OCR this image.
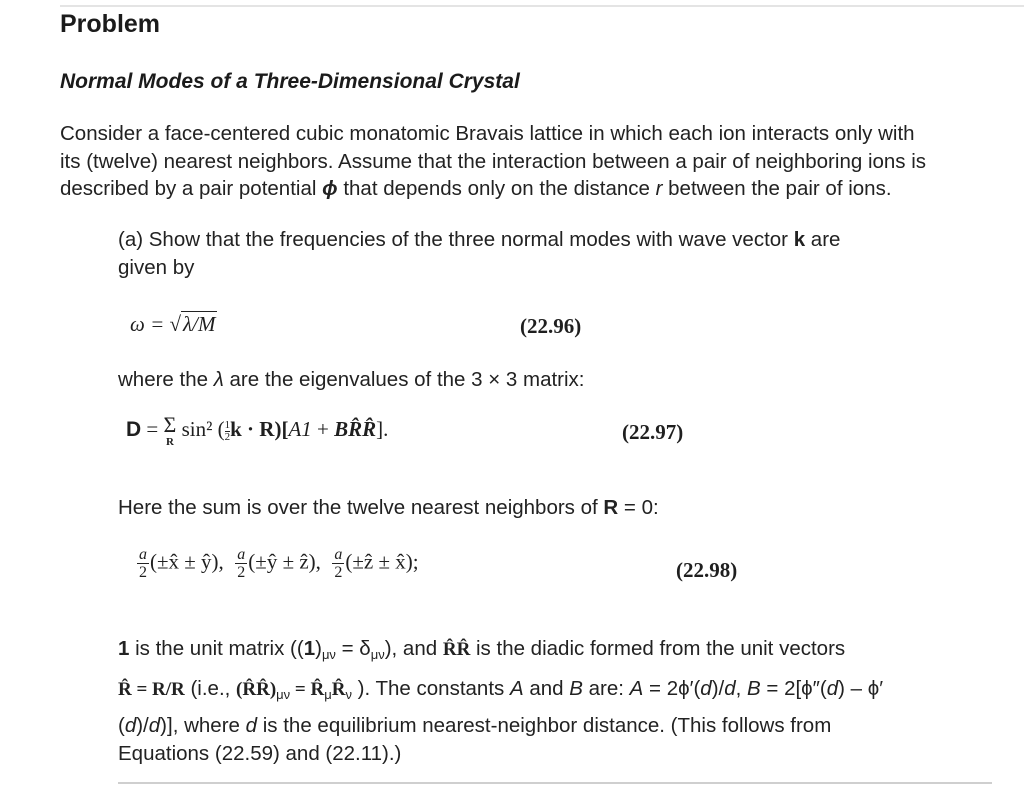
Problem
Normal Modes of a Three-Dimensional Crystal
Consider a face-centered cubic monatomic Bravais lattice in which each ion interacts only with
its (twelve) nearest neighbors. Assume that the interaction between a pair of neighboring ions is
described by a pair potential ϕ that depends only on the distance r between the pair of ions.
(a) Show that the frequencies of the three normal modes with wave vector k are
given by
ω = √λ/M	(22.96)
where the λ are the eigenvalues of the 3 × 3 matrix:
D = Σ
R
sin² ( $\frac{1}{2}$ k · R)[A1 + BR̂R̂].	(22.97)
Here the sum is over the twelve nearest neighbors of R = 0:
$\frac{a}{2}$ (±x̂ ± ŷ), $\frac{a}{2}$ (±ŷ ± ẑ), $\frac{a}{2}$ (±ẑ ± x̂);	(22.98)
1 is the unit matrix $((1)_{\mu\nu} = \delta_{\mu\nu})$, and R̂R̂ is the diadic formed from the unit vectors
R̂ = R/R (i.e., $(R̂R̂)_{\mu\nu}$ = $R̂_\mu R̂_\nu$ ). The constants A and B are: A = 2ϕ′(d)/d, B = 2[ϕ″(d) – ϕ′
(d)/d)], where d is the equilibrium nearest-neighbor distance. (This follows from
Equations (22.59) and (22.11).)
